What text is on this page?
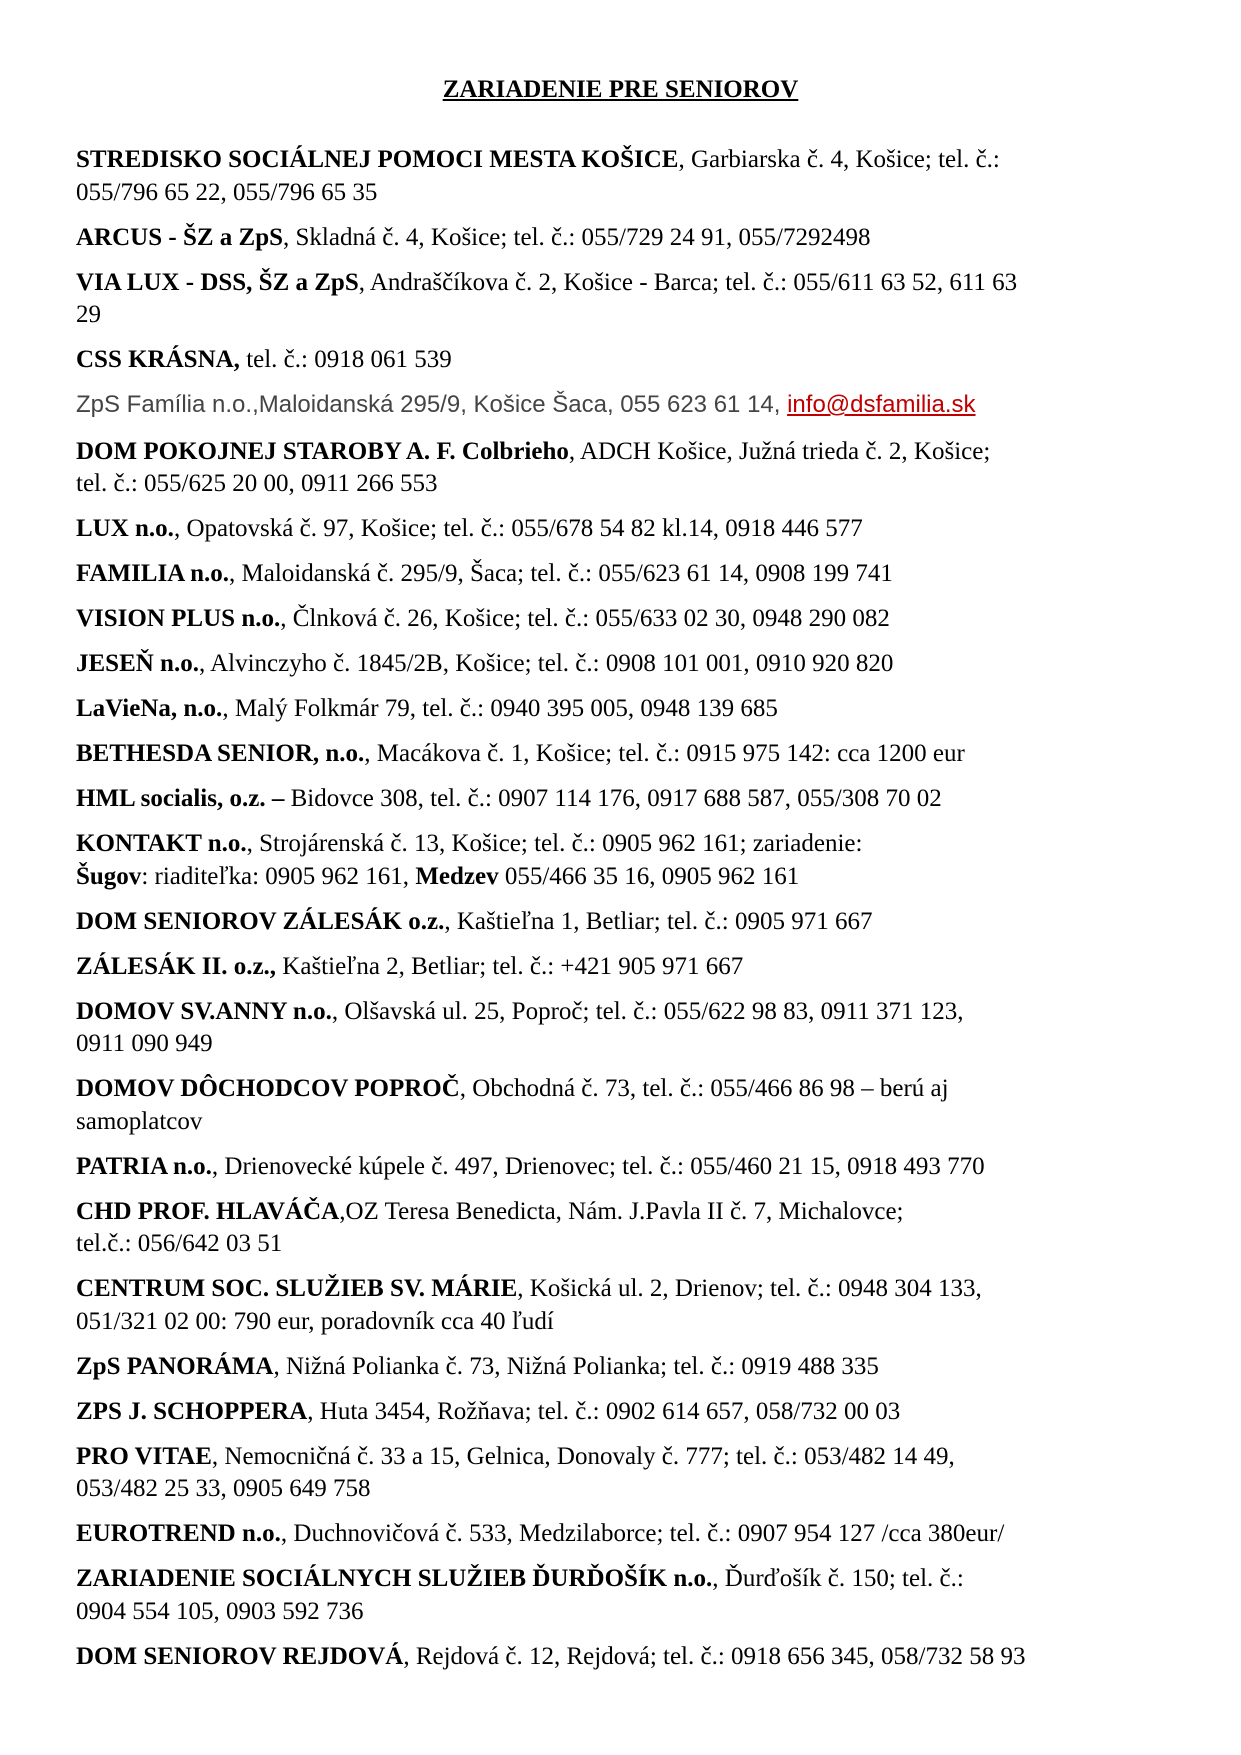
ZARIADENIE PRE SENIOROV
STREDISKO SOCIÁLNEJ POMOCI MESTA KOŠICE, Garbiarska č. 4, Košice; tel. č.:
055/796 65 22, 055/796 65 35
ARCUS - ŠZ a ZpS, Skladná č. 4, Košice; tel. č.: 055/729 24 91, 055/7292498
VIA LUX - DSS, ŠZ a ZpS, Andraščíkova č. 2, Košice - Barca; tel. č.: 055/611 63 52, 611 63
29
CSS KRÁSNA, tel. č.: 0918 061 539
ZpS Família n.o.,Maloidanská 295/9, Košice Šaca, 055 623 61 14, info@dsfamilia.sk
DOM POKOJNEJ STAROBY A. F. Colbrieho, ADCH Košice, Južná trieda č. 2, Košice;
tel. č.: 055/625 20 00, 0911 266 553
LUX n.o., Opatovská č. 97, Košice; tel. č.: 055/678 54 82 kl.14, 0918 446 577
FAMILIA n.o., Maloidanská č. 295/9, Šaca; tel. č.: 055/623 61 14, 0908 199 741
VISION PLUS n.o., Člnková č. 26, Košice; tel. č.: 055/633 02 30, 0948 290 082
JESEŇ n.o., Alvinczyho č. 1845/2B, Košice; tel. č.: 0908 101 001, 0910 920 820
LaVieNa, n.o., Malý Folkmár 79, tel. č.: 0940 395 005, 0948 139 685
BETHESDA SENIOR, n.o., Macákova č. 1, Košice; tel. č.: 0915 975 142: cca 1200 eur
HML socialis, o.z. – Bidovce 308, tel. č.: 0907 114 176, 0917 688 587, 055/308 70 02
KONTAKT n.o., Strojárenská č. 13, Košice; tel. č.: 0905 962 161; zariadenie:
Šugov: riaditeľka: 0905 962 161, Medzev 055/466 35 16, 0905 962 161
DOM SENIOROV ZÁLESÁK o.z., Kaštieľna 1, Betliar; tel. č.: 0905 971 667
ZÁLESÁK II. o.z., Kaštieľna 2, Betliar; tel. č.: +421 905 971 667
DOMOV SV.ANNY n.o., Olšavská ul. 25, Poproč; tel. č.: 055/622 98 83, 0911 371 123,
0911 090 949
DOMOV DÔCHODCOV POPROČ, Obchodná č. 73, tel. č.: 055/466 86 98 – berú aj
samoplatcov
PATRIA n.o., Drienovecké kúpele č. 497, Drienovec; tel. č.: 055/460 21 15, 0918 493 770
CHD PROF. HLAVÁČA,OZ Teresa Benedicta, Nám. J.Pavla II č. 7, Michalovce;
tel.č.: 056/642 03 51
CENTRUM SOC. SLUŽIEB SV. MÁRIE, Košická ul. 2, Drienov; tel. č.: 0948 304 133,
051/321 02 00: 790 eur, poradovník cca 40 ľudí
ZpS PANORÁMA, Nižná Polianka č. 73, Nižná Polianka; tel. č.: 0919 488 335
ZPS J. SCHOPPERA, Huta 3454, Rožňava; tel. č.: 0902 614 657, 058/732 00 03
PRO VITAE, Nemocničná č. 33 a 15, Gelnica, Donovaly č. 777; tel. č.: 053/482 14 49,
053/482 25 33, 0905 649 758
EUROTREND n.o., Duchnovičová č. 533, Medzilaborce; tel. č.: 0907 954 127 /cca 380eur/
ZARIADENIE SOCIÁLNYCH SLUŽIEB ĎURĎOŠÍK n.o., Ďurďošík č. 150; tel. č.:
0904 554 105, 0903 592 736
DOM SENIOROV REJDOVÁ, Rejdová č. 12, Rejdová; tel. č.: 0918 656 345, 058/732 58 93
